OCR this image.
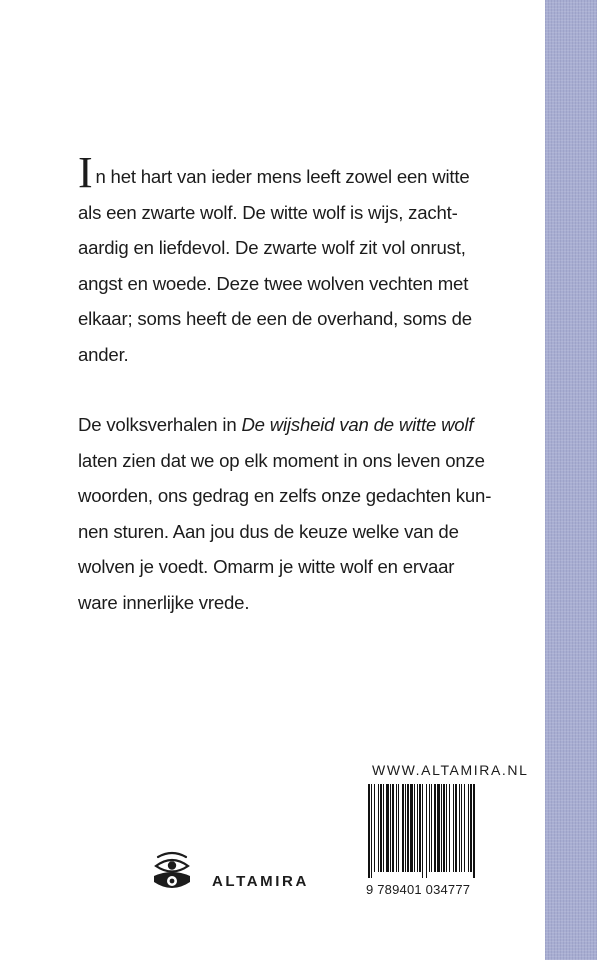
In het hart van ieder mens leeft zowel een witte
als een zwarte wolf. De witte wolf is wijs, zacht-
aardig en liefdevol. De zwarte wolf zit vol onrust,
angst en woede. Deze twee wolven vechten met
elkaar; soms heeft de een de overhand, soms de
ander.

De volksverhalen in De wijsheid van de witte wolf
laten zien dat we op elk moment in ons leven onze
woorden, ons gedrag en zelfs onze gedachten kun-
nen sturen. Aan jou dus de keuze welke van de
wolven je voedt. Omarm je witte wolf en ervaar
ware innerlijke vrede.

WWW.ALTAMIRA.NL
9 789401 034777
ALTAMIRA
